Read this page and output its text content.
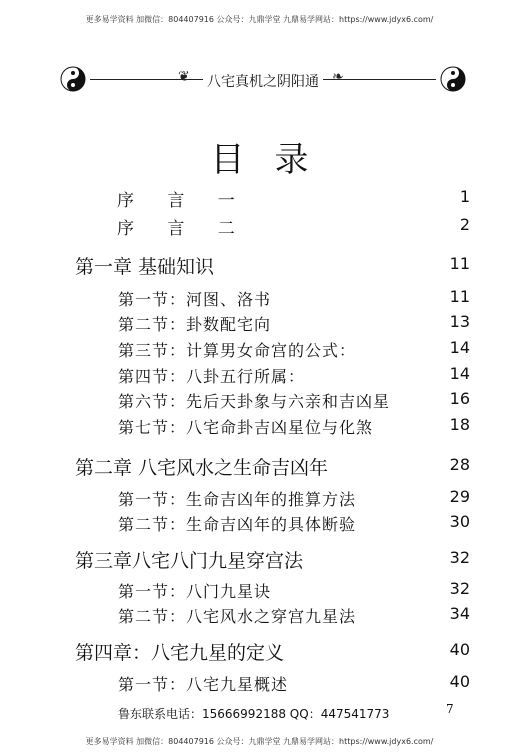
更多易学资料 加微信：804407916 公众号：九鼎学堂 九鼎易学网站：https://www.jdyx6.com/
❦	❧
八宅真机之阴阳通
目录
序 言 一	1
序 言 二	2
第一章 基础知识	11
第一节：河图、洛书	11
第二节：卦数配宅向	13
第三节：计算男女命宫的公式：	14
第四节：八卦五行所属：	14
第六节：先后天卦象与六亲和吉凶星	16
第七节：八宅命卦吉凶星位与化煞	18
第二章 八宅风水之生命吉凶年	28
第一节：生命吉凶年的推算方法	29
第二节：生命吉凶年的具体断验	30
第三章八宅八门九星穿宫法	32
第一节：八门九星诀	32
第二节：八宅风水之穿宫九星法	34
第四章：八宅九星的定义	40
第一节：八宅九星概述	40
鲁东联系电话：15666992188 QQ：447541773	7
更多易学资料 加微信：804407916 公众号：九鼎学堂 九鼎易学网站：https://www.jdyx6.com/
